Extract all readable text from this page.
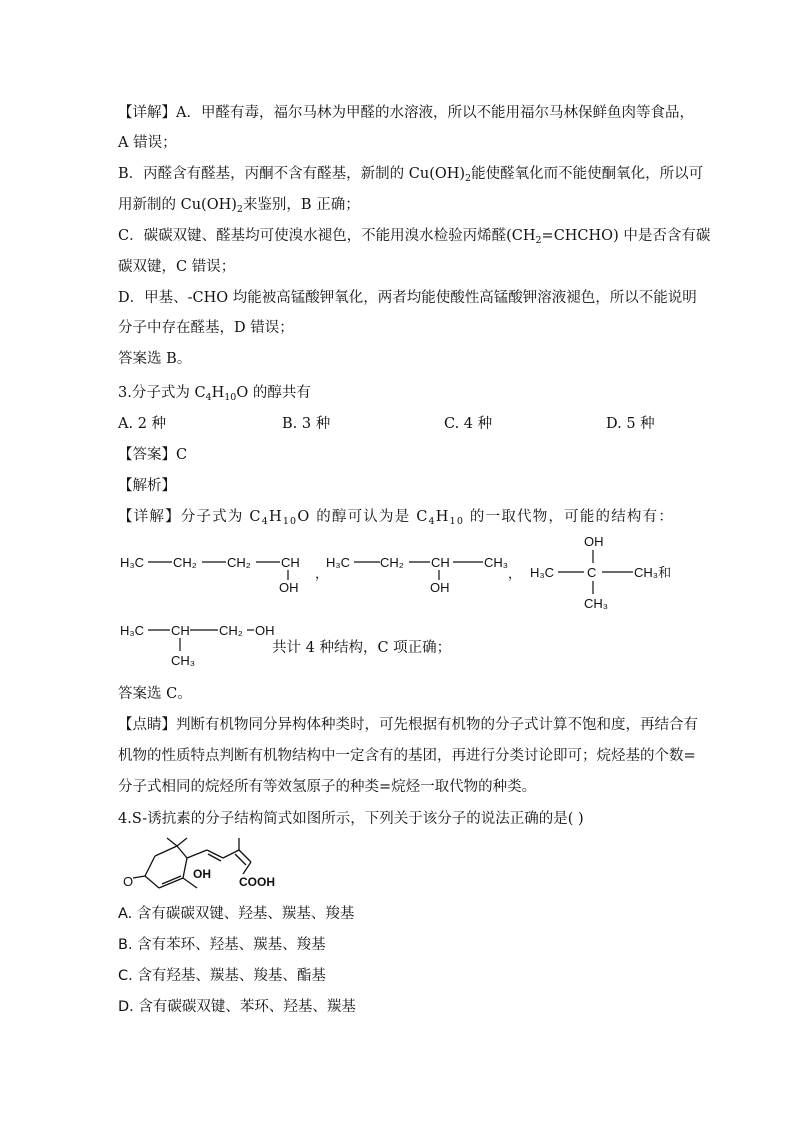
【详解】A．甲醛有毒，福尔马林为甲醛的水溶液，所以不能用福尔马林保鲜鱼肉等食品，
A 错误；
B．丙醛含有醛基，丙酮不含有醛基，新制的 $Cu(OH)_2$能使醛氧化而不能使酮氧化，所以可
用新制的 $Cu(OH)_2$来鉴别，B 正确；
C．碳碳双键、醛基均可使溴水褪色，不能用溴水检验丙烯醛$(CH_2=CHCHO)$ 中是否含有碳
碳双键，C 错误；
D．甲基、-CHO 均能被高锰酸钾氧化，两者均能使酸性高锰酸钾溶液褪色，所以不能说明
分子中存在醛基，D 错误；
答案选 B。
3.分子式为 $C_4H_{10}O$ 的醇共有
A. 2 种	B. 3 种	C. 4 种	D. 5 种
【答案】C
【解析】
【详解】分子式为 $C_4H_{10}O$ 的醇可认为是 $C_4H_{10}$ 的一取代物，可能的结构有：
H₃C CH₂ CH₂ CH
OH
，
H₃C CH₂ CH	CH₃
OH
，
OH
H₃C	C	CH₃和
CH₃
H₃C CH CH₂ OH
CH₃
共计 4 种结构，C 项正确；
答案选 C。
【点睛】判断有机物同分异构体种类时，可先根据有机物的分子式计算不饱和度，再结合有
机物的性质特点判断有机物结构中一定含有的基团，再进行分类讨论即可；烷烃基的个数=
分子式相同的烷烃所有等效氢原子的种类=烷烃一取代物的种类。
4.S-诱抗素的分子结构简式如图所示，下列关于该分子的说法正确的是( )
O	OH
COOH
A. 含有碳碳双键、羟基、羰基、羧基
B. 含有苯环、羟基、羰基、羧基
C. 含有羟基、羰基、羧基、酯基
D. 含有碳碳双键、苯环、羟基、羰基
